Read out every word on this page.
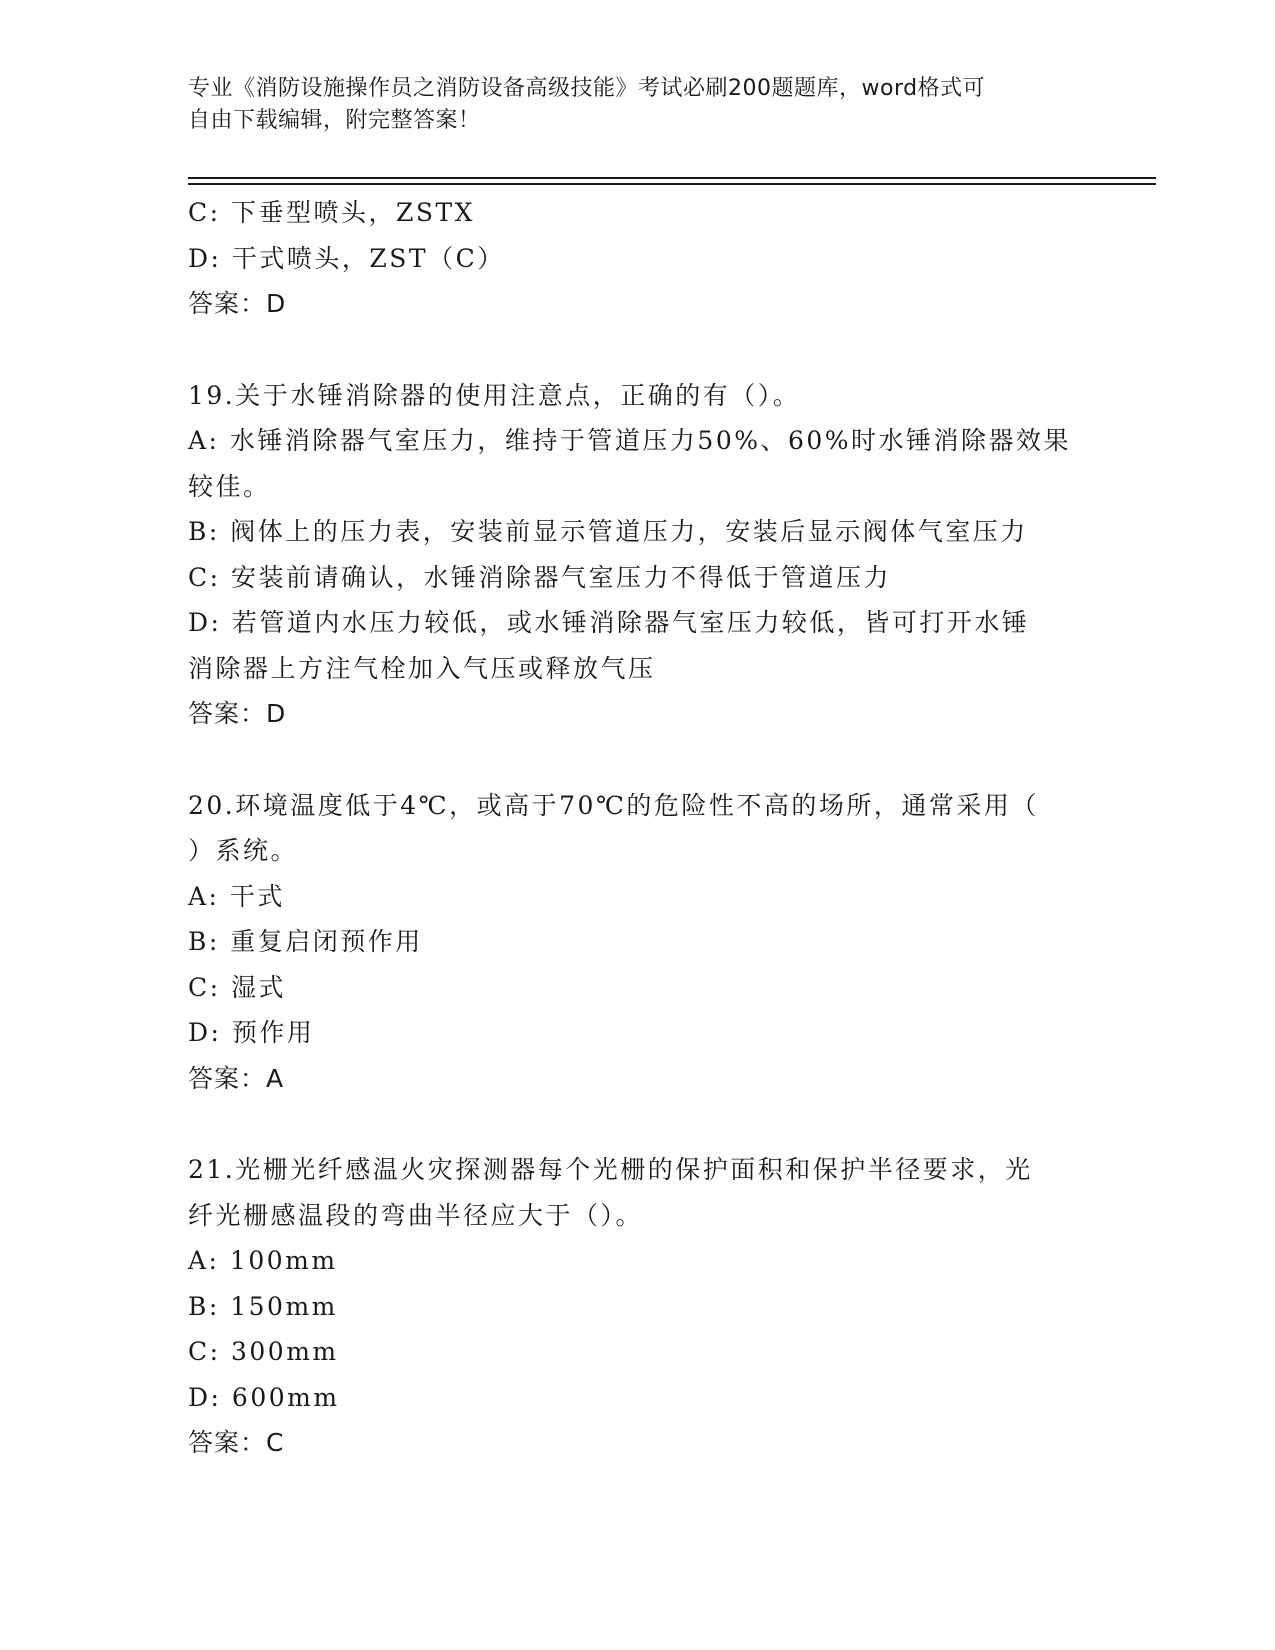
专业《消防设施操作员之消防设备高级技能》考试必刷200题题库，word格式可
自由下载编辑，附完整答案！
C: 下垂型喷头，ZSTX
D: 干式喷头，ZST（C）
答案：D
19.关于水锤消除器的使用注意点，正确的有（）。
A: 水锤消除器气室压力，维持于管道压力50%、60%时水锤消除器效果
较佳。
B: 阀体上的压力表，安装前显示管道压力，安装后显示阀体气室压力
C: 安装前请确认，水锤消除器气室压力不得低于管道压力
D: 若管道内水压力较低，或水锤消除器气室压力较低，皆可打开水锤
消除器上方注气栓加入气压或释放气压
答案：D
20.环境温度低于4℃，或高于70℃的危险性不高的场所，通常采用（
）系统。
A: 干式
B: 重复启闭预作用
C: 湿式
D: 预作用
答案：A
21.光栅光纤感温火灾探测器每个光栅的保护面积和保护半径要求，光
纤光栅感温段的弯曲半径应大于（）。
A: 100mm
B: 150mm
C: 300mm
D: 600mm
答案：C
